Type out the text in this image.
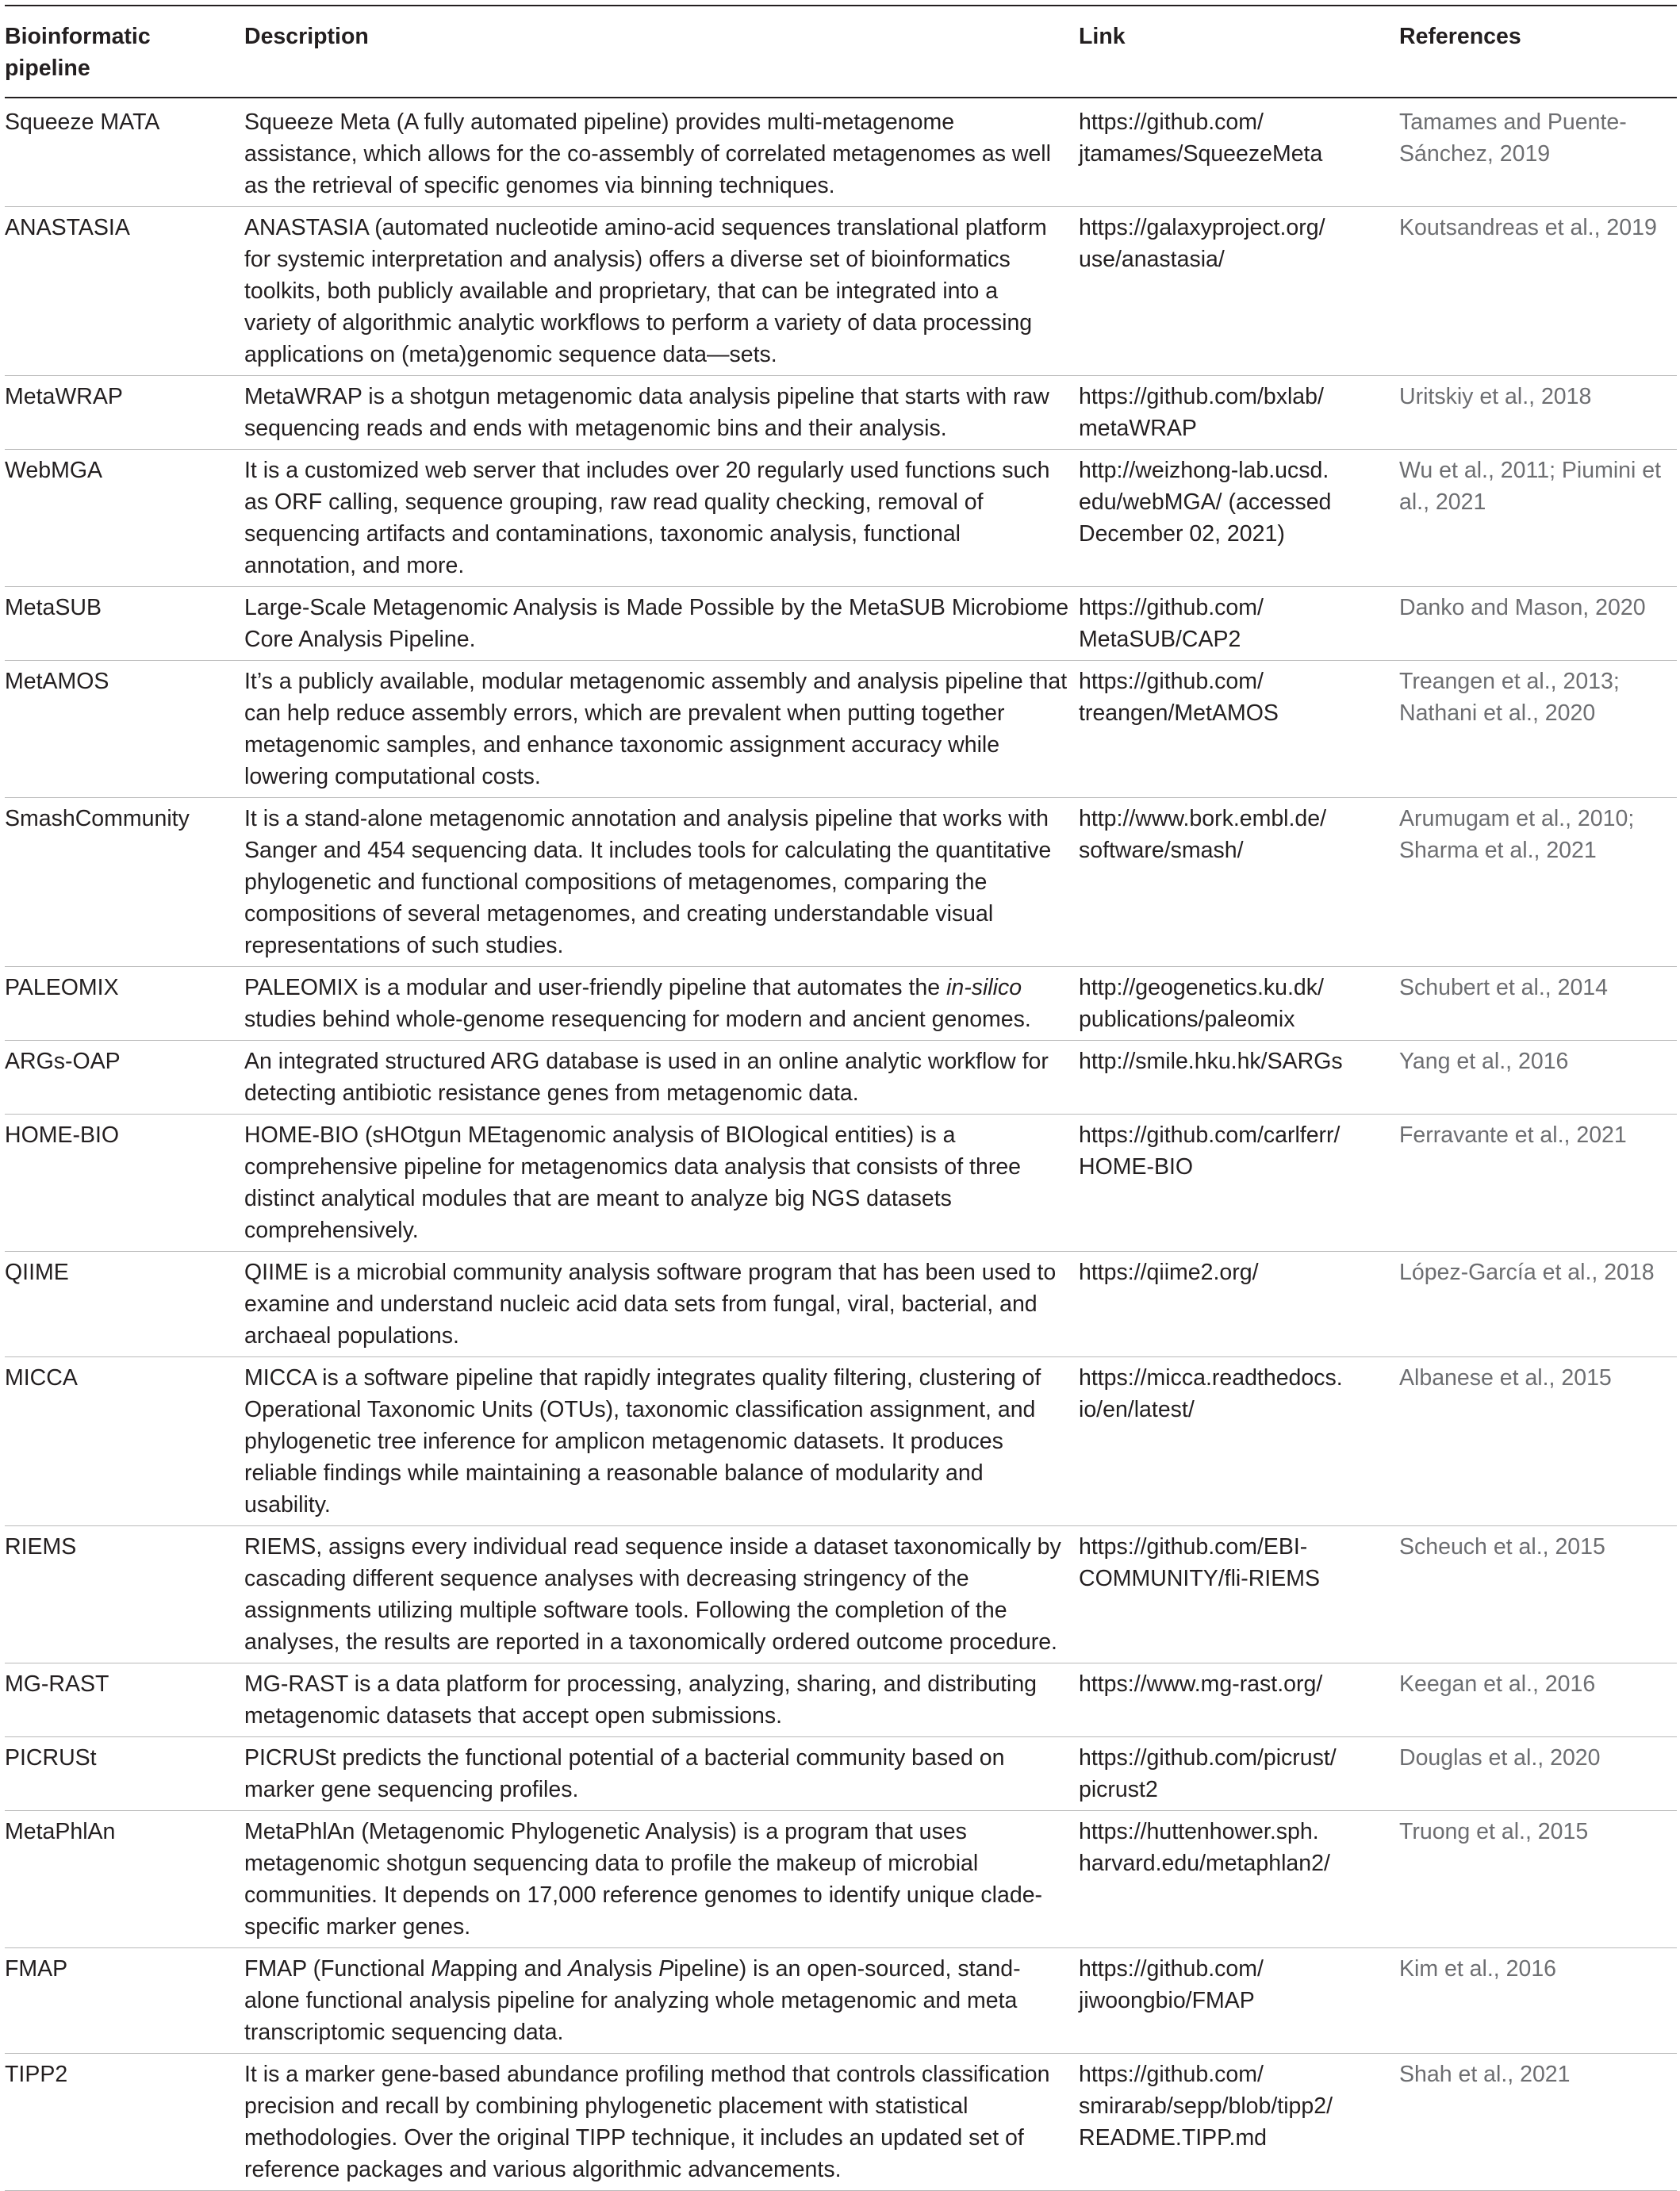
Bioinformatic pipeline	Description	Link	References
Squeeze MATA	Squeeze Meta (A fully automated pipeline) provides multi-metagenome assistance, which allows for the co-assembly of correlated metagenomes as well as the retrieval of specific genomes via binning techniques.	https://github.com/ jtamames/SqueezeMeta	Tamames and Puente-Sánchez, 2019
ANASTASIA	ANASTASIA (automated nucleotide amino-acid sequences translational platform for systemic interpretation and analysis) offers a diverse set of bioinformatics toolkits, both publicly available and proprietary, that can be integrated into a variety of algorithmic analytic workflows to perform a variety of data processing applications on (meta)genomic sequence data—sets.	https://galaxyproject.org/ use/anastasia/	Koutsandreas et al., 2019
MetaWRAP	MetaWRAP is a shotgun metagenomic data analysis pipeline that starts with raw sequencing reads and ends with metagenomic bins and their analysis.	https://github.com/bxlab/ metaWRAP	Uritskiy et al., 2018
WebMGA	It is a customized web server that includes over 20 regularly used functions such as ORF calling, sequence grouping, raw read quality checking, removal of sequencing artifacts and contaminations, taxonomic analysis, functional annotation, and more.	http://weizhong-lab.ucsd. edu/webMGA/ (accessed December 02, 2021)	Wu et al., 2011; Piumini et al., 2021
MetaSUB	Large-Scale Metagenomic Analysis is Made Possible by the MetaSUB Microbiome Core Analysis Pipeline.	https://github.com/ MetaSUB/CAP2	Danko and Mason, 2020
MetAMOS	It’s a publicly available, modular metagenomic assembly and analysis pipeline that can help reduce assembly errors, which are prevalent when putting together metagenomic samples, and enhance taxonomic assignment accuracy while lowering computational costs.	https://github.com/ treangen/MetAMOS	Treangen et al., 2013; Nathani et al., 2020
SmashCommunity	It is a stand-alone metagenomic annotation and analysis pipeline that works with Sanger and 454 sequencing data. It includes tools for calculating the quantitative phylogenetic and functional compositions of metagenomes, comparing the compositions of several metagenomes, and creating understandable visual representations of such studies.	http://www.bork.embl.de/ software/smash/	Arumugam et al., 2010; Sharma et al., 2021
PALEOMIX	PALEOMIX is a modular and user-friendly pipeline that automates the in-silico studies behind whole-genome resequencing for modern and ancient genomes.	http://geogenetics.ku.dk/ publications/paleomix	Schubert et al., 2014
ARGs-OAP	An integrated structured ARG database is used in an online analytic workflow for detecting antibiotic resistance genes from metagenomic data.	http://smile.hku.hk/SARGs	Yang et al., 2016
HOME-BIO	HOME-BIO (sHOtgun MEtagenomic analysis of BIOlogical entities) is a comprehensive pipeline for metagenomics data analysis that consists of three distinct analytical modules that are meant to analyze big NGS datasets comprehensively.	https://github.com/carlferr/ HOME-BIO	Ferravante et al., 2021
QIIME	QIIME is a microbial community analysis software program that has been used to examine and understand nucleic acid data sets from fungal, viral, bacterial, and archaeal populations.	https://qiime2.org/	López-García et al., 2018
MICCA	MICCA is a software pipeline that rapidly integrates quality filtering, clustering of Operational Taxonomic Units (OTUs), taxonomic classification assignment, and phylogenetic tree inference for amplicon metagenomic datasets. It produces reliable findings while maintaining a reasonable balance of modularity and usability.	https://micca.readthedocs. io/en/latest/	Albanese et al., 2015
RIEMS	RIEMS, assigns every individual read sequence inside a dataset taxonomically by cascading different sequence analyses with decreasing stringency of the assignments utilizing multiple software tools. Following the completion of the analyses, the results are reported in a taxonomically ordered outcome procedure.	https://github.com/EBI-COMMUNITY/fli-RIEMS	Scheuch et al., 2015
MG-RAST	MG-RAST is a data platform for processing, analyzing, sharing, and distributing metagenomic datasets that accept open submissions.	https://www.mg-rast.org/	Keegan et al., 2016
PICRUSt	PICRUSt predicts the functional potential of a bacterial community based on marker gene sequencing profiles.	https://github.com/picrust/ picrust2	Douglas et al., 2020
MetaPhlAn	MetaPhlAn (Metagenomic Phylogenetic Analysis) is a program that uses metagenomic shotgun sequencing data to profile the makeup of microbial communities. It depends on 17,000 reference genomes to identify unique clade-specific marker genes.	https://huttenhower.sph. harvard.edu/metaphlan2/	Truong et al., 2015
FMAP	FMAP (Functional Mapping and Analysis Pipeline) is an open-sourced, stand-alone functional analysis pipeline for analyzing whole metagenomic and meta transcriptomic sequencing data.	https://github.com/ jiwoongbio/FMAP	Kim et al., 2016
TIPP2	It is a marker gene-based abundance profiling method that controls classification precision and recall by combining phylogenetic placement with statistical methodologies. Over the original TIPP technique, it includes an updated set of reference packages and various algorithmic advancements.	https://github.com/ smirarab/sepp/blob/tipp2/ README.TIPP.md	Shah et al., 2021
